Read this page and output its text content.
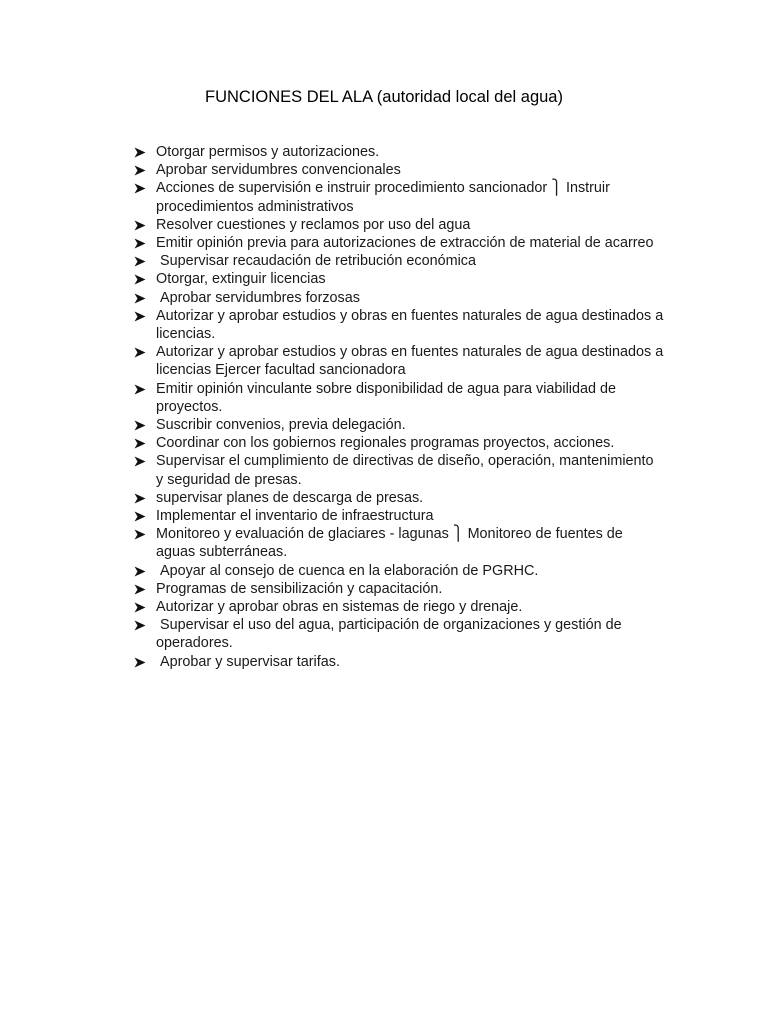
FUNCIONES DEL ALA (autoridad local del agua)
Otorgar permisos y autorizaciones.
Aprobar servidumbres convencionales
Acciones de supervisión e instruir procedimiento sancionador ⎫ Instruir procedimientos administrativos
Resolver cuestiones y reclamos por uso del agua
Emitir opinión previa para autorizaciones de extracción de material de acarreo
Supervisar recaudación de retribución económica
Otorgar, extinguir licencias
Aprobar servidumbres forzosas
Autorizar y aprobar estudios y obras en fuentes naturales de agua destinados a licencias.
Autorizar y aprobar estudios y obras en fuentes naturales de agua destinados a licencias Ejercer facultad sancionadora
Emitir opinión vinculante sobre disponibilidad de agua para viabilidad de proyectos.
Suscribir convenios, previa delegación.
Coordinar con los gobiernos regionales programas proyectos, acciones.
Supervisar el cumplimiento de directivas de diseño, operación, mantenimiento y seguridad de presas.
supervisar planes de descarga de presas.
Implementar el inventario de infraestructura
Monitoreo y evaluación de glaciares - lagunas ⎫ Monitoreo de fuentes de aguas subterráneas.
Apoyar al consejo de cuenca en la elaboración de PGRHC.
Programas de sensibilización y capacitación.
Autorizar y aprobar obras en sistemas de riego y drenaje.
Supervisar el uso del agua, participación de organizaciones y gestión de operadores.
Aprobar y supervisar tarifas.
